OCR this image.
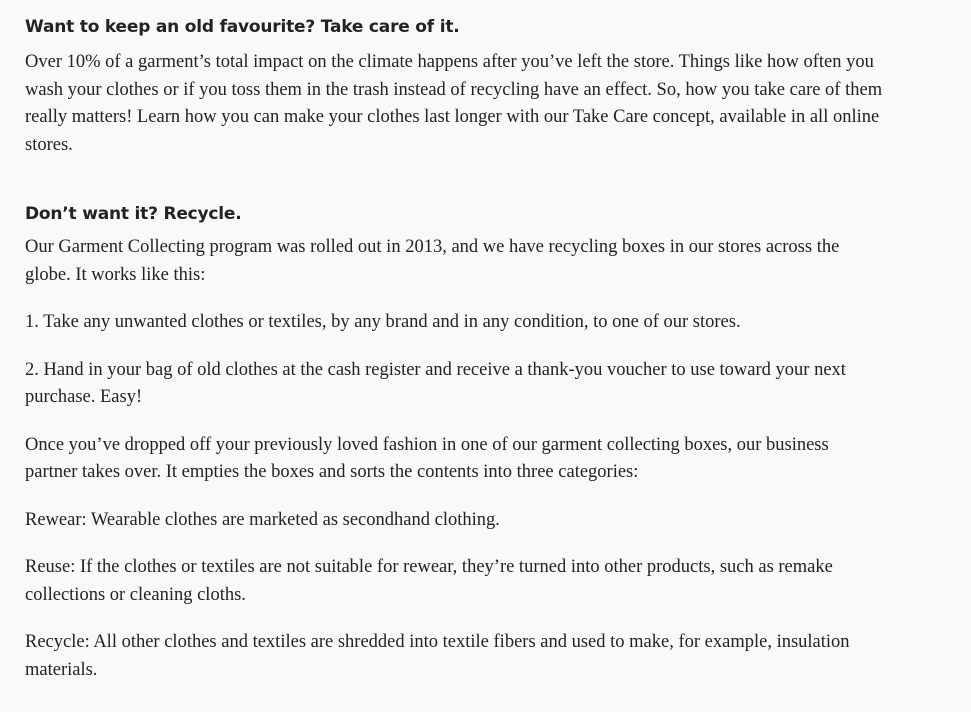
Want to keep an old favourite? Take care of it.

Over 10% of a garment’s total impact on the climate happens after you’ve left the store. Things like how often you wash your clothes or if you toss them in the trash instead of recycling have an effect. So, how you take care of them really matters! Learn how you can make your clothes last longer with our Take Care concept, available in all online stores.

Don’t want it? Recycle.

Our Garment Collecting program was rolled out in 2013, and we have recycling boxes in our stores across the globe. It works like this:

1. Take any unwanted clothes or textiles, by any brand and in any condition, to one of our stores.

2. Hand in your bag of old clothes at the cash register and receive a thank-you voucher to use toward your next purchase. Easy!

Once you’ve dropped off your previously loved fashion in one of our garment collecting boxes, our business partner takes over. It empties the boxes and sorts the contents into three categories:

Rewear: Wearable clothes are marketed as secondhand clothing.

Reuse: If the clothes or textiles are not suitable for rewear, they’re turned into other products, such as remake collections or cleaning cloths.

Recycle: All other clothes and textiles are shredded into textile fibers and used to make, for example, insulation materials.
